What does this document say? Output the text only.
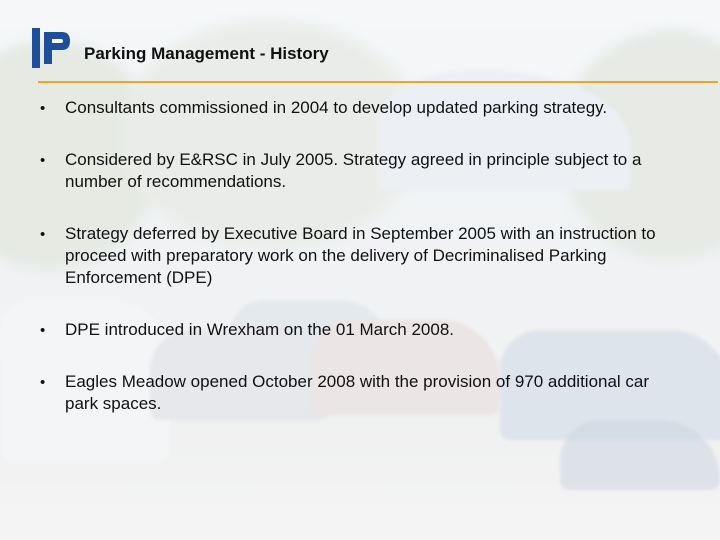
Parking Management - History
• Consultants commissioned in 2004 to develop updated parking strategy.
• Considered by E&RSC in July 2005. Strategy agreed in principle subject to a number of recommendations.
• Strategy deferred by Executive Board in September 2005 with an instruction to proceed with preparatory work on the delivery of Decriminalised Parking Enforcement (DPE)
• DPE introduced in Wrexham on the 01 March 2008.
• Eagles Meadow opened October 2008 with the provision of 970 additional car park spaces.
